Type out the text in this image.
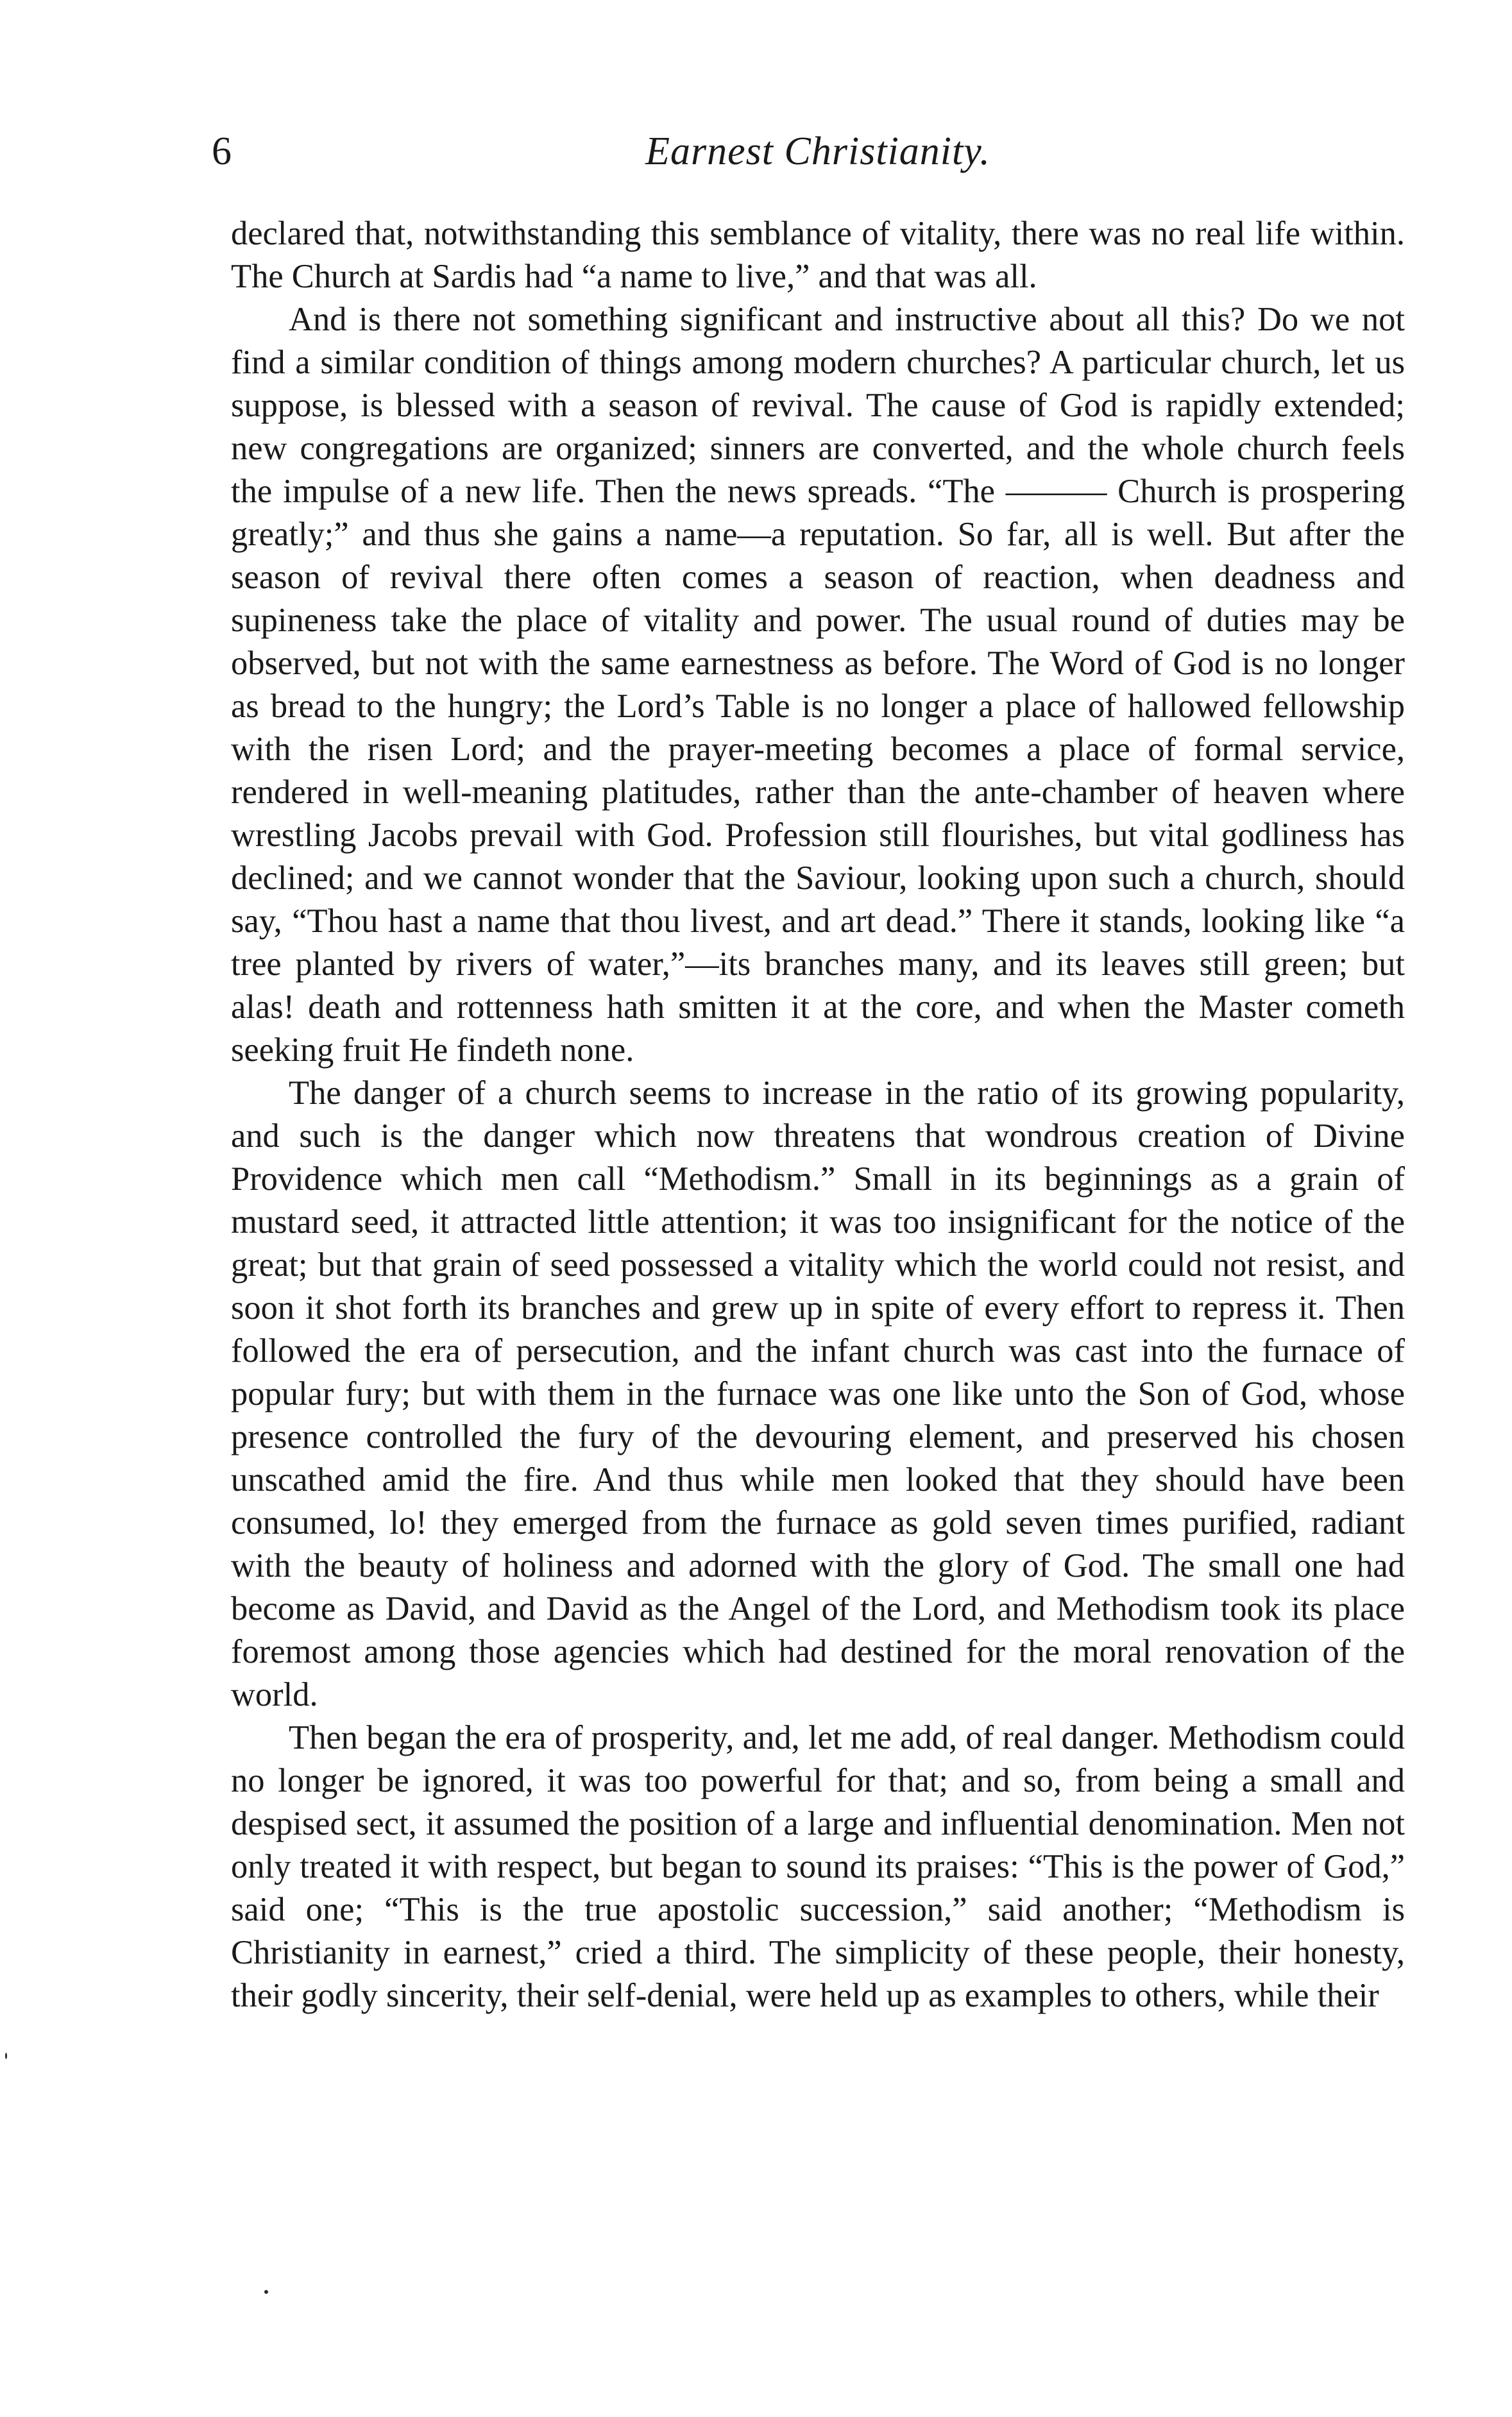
6	Earnest Christianity.

declared that, notwithstanding this semblance of vitality, there was no real life within. The Church at Sardis had “a name to live,” and that was all.

And is there not something significant and instructive about all this? Do we not find a similar condition of things among modern churches? A particular church, let us suppose, is blessed with a season of revival. The cause of God is rapidly extended; new congregations are organized; sinners are converted, and the whole church feels the impulse of a new life. Then the news spreads. “The ——— Church is prospering greatly;” and thus she gains a name—a reputation. So far, all is well. But after the season of revival there often comes a season of reaction, when deadness and supineness take the place of vitality and power. The usual round of duties may be observed, but not with the same earnestness as before. The Word of God is no longer as bread to the hungry; the Lord’s Table is no longer a place of hallowed fellowship with the risen Lord; and the prayer-meeting becomes a place of formal service, rendered in well-meaning platitudes, rather than the ante-chamber of heaven where wrestling Jacobs prevail with God. Profession still flourishes, but vital godliness has declined; and we cannot wonder that the Saviour, looking upon such a church, should say, “Thou hast a name that thou livest, and art dead.” There it stands, looking like “a tree planted by rivers of water,”—its branches many, and its leaves still green; but alas! death and rottenness hath smitten it at the core, and when the Master cometh seeking fruit He findeth none.

The danger of a church seems to increase in the ratio of its growing popularity, and such is the danger which now threatens that wondrous creation of Divine Providence which men call “Methodism.” Small in its beginnings as a grain of mustard seed, it attracted little attention; it was too insignificant for the notice of the great; but that grain of seed possessed a vitality which the world could not resist, and soon it shot forth its branches and grew up in spite of every effort to repress it. Then followed the era of persecution, and the infant church was cast into the furnace of popular fury; but with them in the furnace was one like unto the Son of God, whose presence controlled the fury of the devouring element, and preserved his chosen unscathed amid the fire. And thus while men looked that they should have been consumed, lo! they emerged from the furnace as gold seven times purified, radiant with the beauty of holiness and adorned with the glory of God. The small one had become as David, and David as the Angel of the Lord, and Methodism took its place foremost among those agencies which had destined for the moral renovation of the world.

Then began the era of prosperity, and, let me add, of real danger. Methodism could no longer be ignored, it was too powerful for that; and so, from being a small and despised sect, it assumed the position of a large and influential denomination. Men not only treated it with respect, but began to sound its praises: “This is the power of God,” said one; “This is the true apostolic succession,” said another; “Methodism is Christianity in earnest,” cried a third. The simplicity of these people, their honesty, their godly sincerity, their self-denial, were held up as examples to others, while their
